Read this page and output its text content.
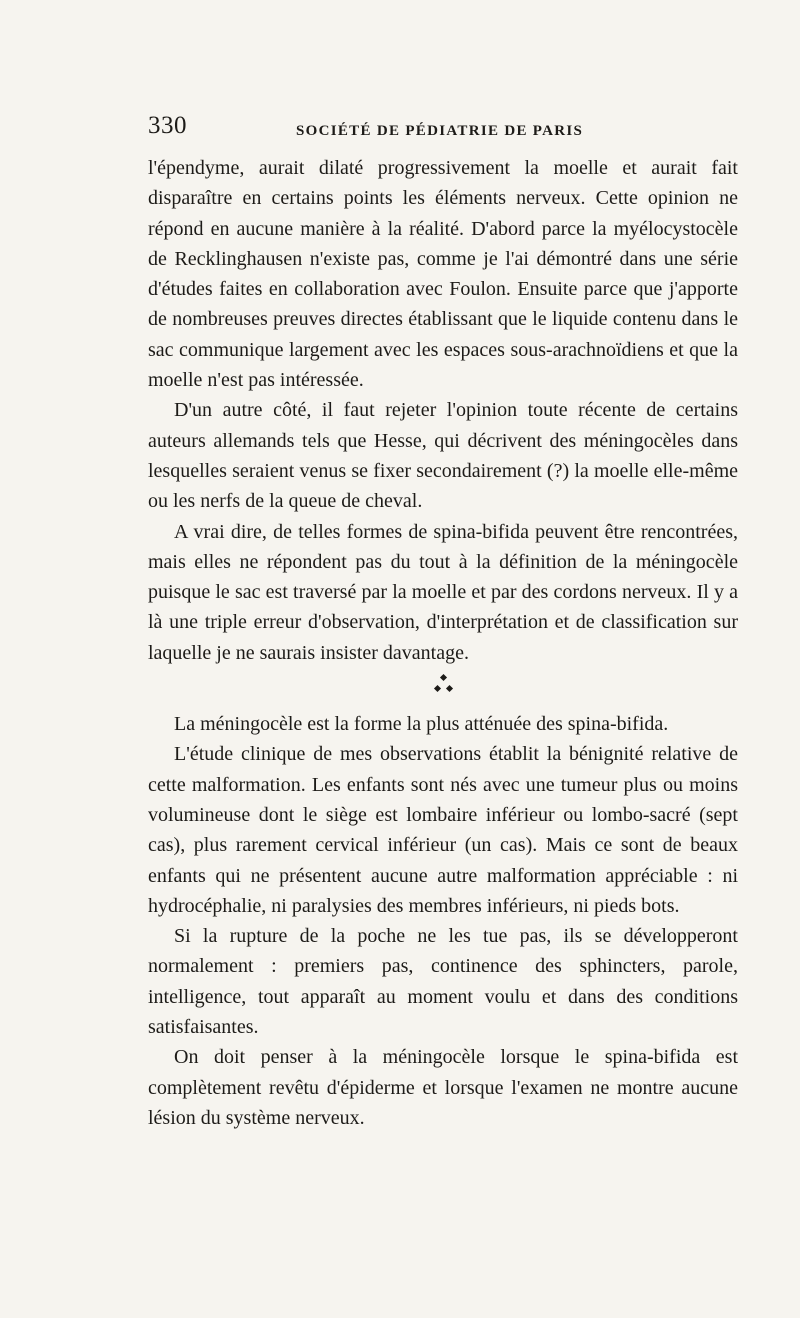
330	SOCIÉTÉ DE PÉDIATRIE DE PARIS

l'épendyme, aurait dilaté progressivement la moelle et aurait fait disparaître en certains points les éléments nerveux. Cette opinion ne répond en aucune manière à la réalité. D'abord parce la myélocystocèle de Recklinghausen n'existe pas, comme je l'ai démontré dans une série d'études faites en collaboration avec Foulon. Ensuite parce que j'apporte de nombreuses preuves directes établissant que le liquide contenu dans le sac communique largement avec les espaces sous-arachnoïdiens et que la moelle n'est pas intéressée.

D'un autre côté, il faut rejeter l'opinion toute récente de certains auteurs allemands tels que Hesse, qui décrivent des méningocèles dans lesquelles seraient venus se fixer secondairement (?) la moelle elle-même ou les nerfs de la queue de cheval.

A vrai dire, de telles formes de spina-bifida peuvent être rencontrées, mais elles ne répondent pas du tout à la définition de la méningocèle puisque le sac est traversé par la moelle et par des cordons nerveux. Il y a là une triple erreur d'observation, d'interprétation et de classification sur laquelle je ne saurais insister davantage.

La méningocèle est la forme la plus atténuée des spina-bifida.

L'étude clinique de mes observations établit la bénignité relative de cette malformation. Les enfants sont nés avec une tumeur plus ou moins volumineuse dont le siège est lombaire inférieur ou lombo-sacré (sept cas), plus rarement cervical inférieur (un cas). Mais ce sont de beaux enfants qui ne présentent aucune autre malformation appréciable : ni hydrocéphalie, ni paralysies des membres inférieurs, ni pieds bots.

Si la rupture de la poche ne les tue pas, ils se développeront normalement : premiers pas, continence des sphincters, parole, intelligence, tout apparaît au moment voulu et dans des conditions satisfaisantes.

On doit penser à la méningocèle lorsque le spina-bifida est complètement revêtu d'épiderme et lorsque l'examen ne montre aucune lésion du système nerveux.
